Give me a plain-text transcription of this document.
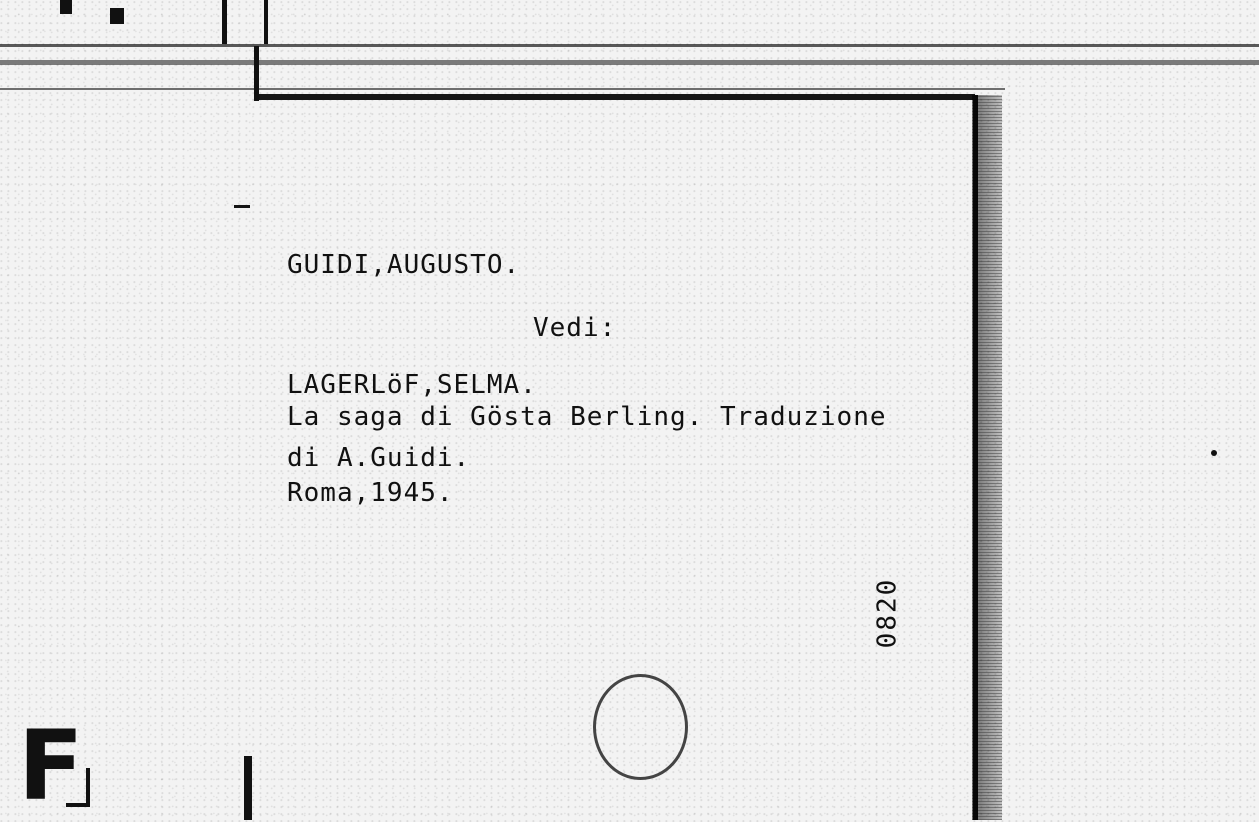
GUIDI,AUGUSTO.
Vedi:
LAGERLöF,SELMA.
La saga di Gösta Berling. Traduzione
di A.Guidi.
Roma,1945.
0820
F
